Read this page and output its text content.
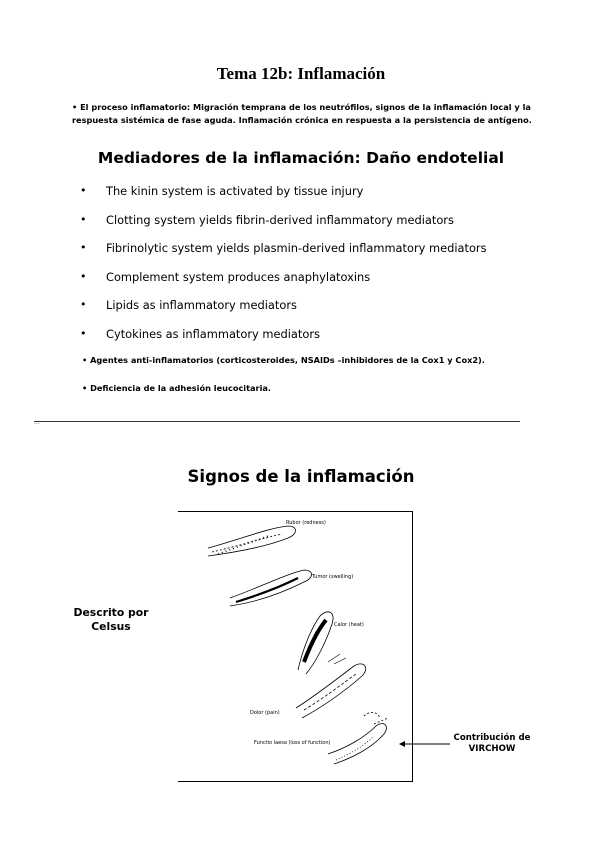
Tema 12b: Inflamación
• El proceso inflamatorio: Migración temprana de los neutrófilos, signos de la inflamación local y la respuesta sistémica de fase aguda. Inflamación crónica en respuesta a la persistencia de antígeno.
Mediadores de la inflamación: Daño endotelial
• The kinin system is activated by tissue injury
• Clotting system yields fibrin-derived inflammatory mediators
• Fibrinolytic system yields plasmin-derived inflammatory mediators
• Complement system produces anaphylatoxins
• Lipids as inflammatory mediators
• Cytokines as inflammatory mediators
• Agentes anti-inflamatorios (corticosteroides, NSAIDs –inhibidores de la Cox1 y Cox2).
• Deficiencia de la adhesión leucocitaria.
...
Signos de la inflamación
Descrito por Celsus
Rubor (redness)
Tumor (swelling)
Calor (heat)
Dolor (pain)
Functio laesa (loss of function)	Contribución de VIRCHOW
